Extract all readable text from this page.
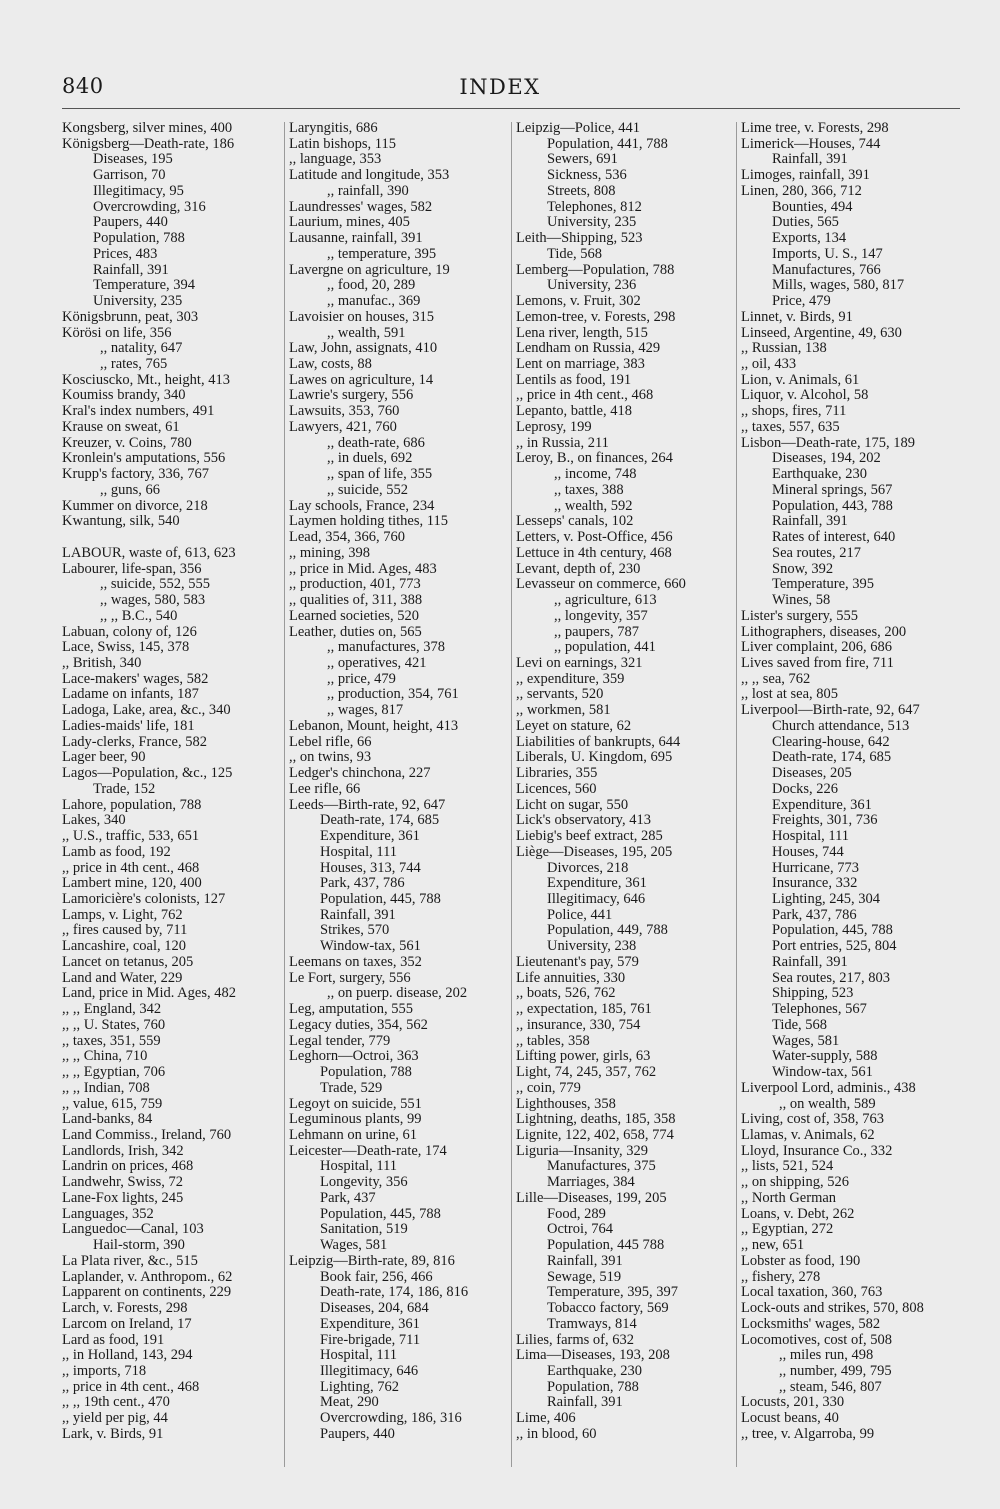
840	INDEX
Kongsberg, silver mines, 400
Königsberg—Death-rate, 186
Diseases, 195
Garrison, 70
Illegitimacy, 95
Overcrowding, 316
Paupers, 440
Population, 788
Prices, 483
Rainfall, 391
Temperature, 394
University, 235
Königsbrunn, peat, 303
Körösi on life, 356
,, natality, 647
,, rates, 765
Kosciuscko, Mt., height, 413
Koumiss brandy, 340
Kral's index numbers, 491
Krause on sweat, 61
Kreuzer, v. Coins, 780
Kronlein's amputations, 556
Krupp's factory, 336, 767
,, guns, 66
Kummer on divorce, 218
Kwantung, silk, 540
LABOUR, waste of, 613, 623
Labourer, life-span, 356
,, suicide, 552, 555
,, wages, 580, 583
,, ,, B.C., 540
Labuan, colony of, 126
Lace, Swiss, 145, 378
,, British, 340
Lace-makers' wages, 582
Ladame on infants, 187
Ladoga, Lake, area, &c., 340
Ladies-maids' life, 181
Lady-clerks, France, 582
Lager beer, 90
Lagos—Population, &c., 125
Trade, 152
Lahore, population, 788
Lakes, 340
,, U.S., traffic, 533, 651
Lamb as food, 192
,, price in 4th cent., 468
Lambert mine, 120, 400
Lamoricière's colonists, 127
Lamps, v. Light, 762
,, fires caused by, 711
Lancashire, coal, 120
Lancet on tetanus, 205
Land and Water, 229
Land, price in Mid. Ages, 482
,, ,, England, 342
,, ,, U. States, 760
,, taxes, 351, 559
,, ,, China, 710
,, ,, Egyptian, 706
,, ,, Indian, 708
,, value, 615, 759
Land-banks, 84
Land Commiss., Ireland, 760
Landlords, Irish, 342
Landrin on prices, 468
Landwehr, Swiss, 72
Lane-Fox lights, 245
Languages, 352
Languedoc—Canal, 103
Hail-storm, 390
La Plata river, &c., 515
Laplander, v. Anthropom., 62
Lapparent on continents, 229
Larch, v. Forests, 298
Larcom on Ireland, 17
Lard as food, 191
,, in Holland, 143, 294
,, imports, 718
,, price in 4th cent., 468
,, ,, 19th cent., 470
,, yield per pig, 44
Lark, v. Birds, 91
Laryngitis, 686
Latin bishops, 115
,, language, 353
Latitude and longitude, 353
,, rainfall, 390
Laundresses' wages, 582
Laurium, mines, 405
Lausanne, rainfall, 391
,, temperature, 395
Lavergne on agriculture, 19
,, food, 20, 289
,, manufac., 369
Lavoisier on houses, 315
,, wealth, 591
Law, John, assignats, 410
Law, costs, 88
Lawes on agriculture, 14
Lawrie's surgery, 556
Lawsuits, 353, 760
Lawyers, 421, 760
,, death-rate, 686
,, in duels, 692
,, span of life, 355
,, suicide, 552
Lay schools, France, 234
Laymen holding tithes, 115
Lead, 354, 366, 760
,, mining, 398
,, price in Mid. Ages, 483
,, production, 401, 773
,, qualities of, 311, 388
Learned societies, 520
Leather, duties on, 565
,, manufactures, 378
,, operatives, 421
,, price, 479
,, production, 354, 761
,, wages, 817
Lebanon, Mount, height, 413
Lebel rifle, 66
,, on twins, 93
Ledger's chinchona, 227
Lee rifle, 66
Leeds—Birth-rate, 92, 647
Death-rate, 174, 685
Expenditure, 361
Hospital, 111
Houses, 313, 744
Park, 437, 786
Population, 445, 788
Rainfall, 391
Strikes, 570
Window-tax, 561
Leemans on taxes, 352
Le Fort, surgery, 556
,, on puerp. disease, 202
Leg, amputation, 555
Legacy duties, 354, 562
Legal tender, 779
Leghorn—Octroi, 363
Population, 788
Trade, 529
Legoyt on suicide, 551
Leguminous plants, 99
Lehmann on urine, 61
Leicester—Death-rate, 174
Hospital, 111
Longevity, 356
Park, 437
Population, 445, 788
Sanitation, 519
Wages, 581
Leipzig—Birth-rate, 89, 816
Book fair, 256, 466
Death-rate, 174, 186, 816
Diseases, 204, 684
Expenditure, 361
Fire-brigade, 711
Hospital, 111
Illegitimacy, 646
Lighting, 762
Meat, 290
Overcrowding, 186, 316
Paupers, 440
Leipzig—Police, 441
Population, 441, 788
Sewers, 691
Sickness, 536
Streets, 808
Telephones, 812
University, 235
Leith—Shipping, 523
Tide, 568
Lemberg—Population, 788
University, 236
Lemons, v. Fruit, 302
Lemon-tree, v. Forests, 298
Lena river, length, 515
Lendham on Russia, 429
Lent on marriage, 383
Lentils as food, 191
,, price in 4th cent., 468
Lepanto, battle, 418
Leprosy, 199
,, in Russia, 211
Leroy, B., on finances, 264
,, income, 748
,, taxes, 388
,, wealth, 592
Lesseps' canals, 102
Letters, v. Post-Office, 456
Lettuce in 4th century, 468
Levant, depth of, 230
Levasseur on commerce, 660
,, agriculture, 613
,, longevity, 357
,, paupers, 787
,, population, 441
Levi on earnings, 321
,, expenditure, 359
,, servants, 520
,, workmen, 581
Leyet on stature, 62
Liabilities of bankrupts, 644
Liberals, U. Kingdom, 695
Libraries, 355
Licences, 560
Licht on sugar, 550
Lick's observatory, 413
Liebig's beef extract, 285
Liège—Diseases, 195, 205
Divorces, 218
Expenditure, 361
Illegitimacy, 646
Police, 441
Population, 449, 788
University, 238
Lieutenant's pay, 579
Life annuities, 330
,, boats, 526, 762
,, expectation, 185, 761
,, insurance, 330, 754
,, tables, 358
Lifting power, girls, 63
Light, 74, 245, 357, 762
,, coin, 779
Lighthouses, 358
Lightning, deaths, 185, 358
Lignite, 122, 402, 658, 774
Liguria—Insanity, 329
Manufactures, 375
Marriages, 384
Lille—Diseases, 199, 205
Food, 289
Octroi, 764
Population, 445 788
Rainfall, 391
Sewage, 519
Temperature, 395, 397
Tobacco factory, 569
Tramways, 814
Lilies, farms of, 632
Lima—Diseases, 193, 208
Earthquake, 230
Population, 788
Rainfall, 391
Lime, 406
,, in blood, 60
Lime tree, v. Forests, 298
Limerick—Houses, 744
Rainfall, 391
Limoges, rainfall, 391
Linen, 280, 366, 712
Bounties, 494
Duties, 565
Exports, 134
Imports, U. S., 147
Manufactures, 766
Mills, wages, 580, 817
Price, 479
Linnet, v. Birds, 91
Linseed, Argentine, 49, 630
,, Russian, 138
,, oil, 433
Lion, v. Animals, 61
Liquor, v. Alcohol, 58
,, shops, fires, 711
,, taxes, 557, 635
Lisbon—Death-rate, 175, 189
Diseases, 194, 202
Earthquake, 230
Mineral springs, 567
Population, 443, 788
Rainfall, 391
Rates of interest, 640
Sea routes, 217
Snow, 392
Temperature, 395
Wines, 58
Lister's surgery, 555
Lithographers, diseases, 200
Liver complaint, 206, 686
Lives saved from fire, 711
,, ,, sea, 762
,, lost at sea, 805
Liverpool—Birth-rate, 92, 647
Church attendance, 513
Clearing-house, 642
Death-rate, 174, 685
Diseases, 205
Docks, 226
Expenditure, 361
Freights, 301, 736
Hospital, 111
Houses, 744
Hurricane, 773
Insurance, 332
Lighting, 245, 304
Park, 437, 786
Population, 445, 788
Port entries, 525, 804
Rainfall, 391
Sea routes, 217, 803
Shipping, 523
Telephones, 567
Tide, 568
Wages, 581
Water-supply, 588
Window-tax, 561
Liverpool Lord, adminis., 438
,, on wealth, 589
Living, cost of, 358, 763
Llamas, v. Animals, 62
Lloyd, Insurance Co., 332
,, lists, 521, 524
,, on shipping, 526
,, North German
Loans, v. Debt, 262
,, Egyptian, 272
,, new, 651
Lobster as food, 190
,, fishery, 278
Local taxation, 360, 763
Lock-outs and strikes, 570, 808
Locksmiths' wages, 582
Locomotives, cost of, 508
,, miles run, 498
,, number, 499, 795
,, steam, 546, 807
Locusts, 201, 330
Locust beans, 40
,, tree, v. Algarroba, 99
